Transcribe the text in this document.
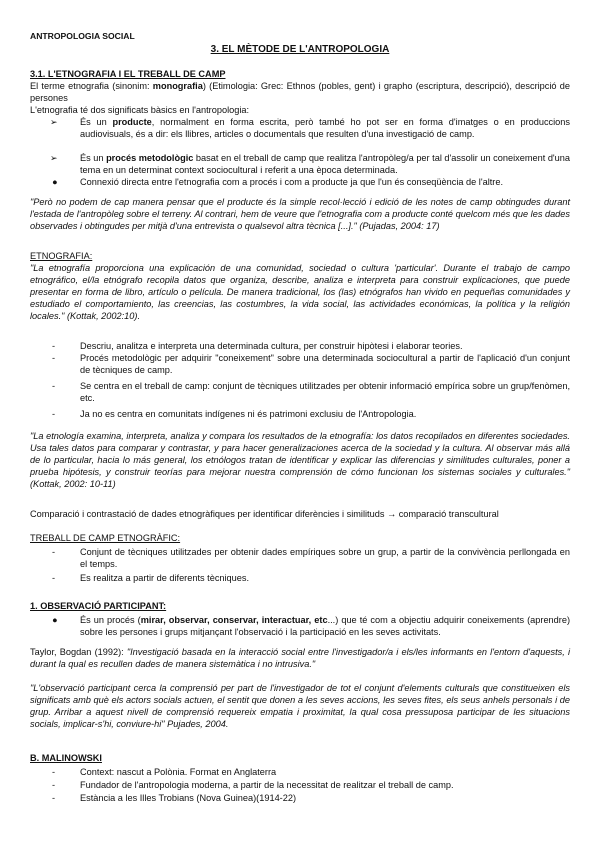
ANTROPOLOGIA SOCIAL
3. EL MÈTODE DE L'ANTROPOLOGIA
3.1. L'ETNOGRAFIA I EL TREBALL DE CAMP
El terme etnografia (sinonim: monografia) (Etimologia: Grec: Ethnos (pobles, gent) i grapho (escriptura, descripció), descripció de persones
L'etnografia té dos significats bàsics en l'antropologia:
➢ És un producte, normalment en forma escrita, però també ho pot ser en forma d'imatges o en produccions audiovisuals, és a dir: els llibres, articles o documentals que resulten d'una investigació de camp.
➢ És un procés metodològic basat en el treball de camp que realitza l'antropòleg/a per tal d'assolir un coneixement d'una tema en un determinat context sociocultural i referit a una època determinada.
● Connexió directa entre l'etnografia com a procés i com a producte ja que l'un és conseqüència de l'altre.
"Però no podem de cap manera pensar que el producte és la simple recol·lecció i edició de les notes de camp obtingudes durant l'estada de l'antropòleg sobre el terreny. Al contrari, hem de veure que l'etnografia com a producte conté quelcom més que les dades observades i obtingudes per mitjà d'una entrevista o qualsevol altra tècnica [...]." (Pujadas, 2004: 17)
ETNOGRAFIA:
"La etnografía proporciona una explicación de una comunidad, sociedad o cultura 'particular'. Durante el trabajo de campo etnográfico, el/la etnógrafo recopila datos que organiza, describe, analiza e interpreta para construir explicaciones, que puede presentar en forma de libro, artículo o película. De manera tradicional, los (las) etnógrafos han vivido en pequeñas comunidades y estudiado el comportamiento, las creencias, las costumbres, la vida social, las actividades económicas, la política y la religión locales." (Kottak, 2002:10).
-	Descriu, analitza e interpreta una determinada cultura, per construir hipòtesi i elaborar teories.
-	Procés metodològic per adquirir "coneixement" sobre una determinada sociocultural a partir de l'aplicació d'un conjunt de tècniques de camp.
-	Se centra en el treball de camp: conjunt de tècniques utilitzades per obtenir informació empírica sobre un grup/fenòmen, etc.
-	Ja no es centra en comunitats indígenes ni és patrimoni exclusiu de l'Antropologia.
"La etnología examina, interpreta, analiza y compara los resultados de la etnografía: los datos recopilados en diferentes sociedades. Usa tales datos para comparar y contrastar, y para hacer generalizaciones acerca de la sociedad y la cultura. Al observar más allá de lo particular, hacia lo más general, los etnólogos tratan de identificar y explicar las diferencias y similitudes culturales, poner a prueba hipótesis, y construir teorías para mejorar nuestra comprensión de cómo funcionan los sistemas sociales y culturales." (Kottak, 2002: 10-11)
Comparació i contrastació de dades etnogràfiques per identificar diferències i similituds → comparació transcultural
TREBALL DE CAMP ETNOGRÀFIC:
-	Conjunt de tècniques utilitzades per obtenir dades empíriques sobre un grup, a partir de la convivència perllongada en el temps.
-	Es realitza a partir de diferents tècniques.
1. OBSERVACIÓ PARTICIPANT:
● És un procés (mirar, observar, conservar, interactuar, etc...) que té com a objectiu adquirir coneixements (aprendre) sobre les persones i grups mitjançant l'observació i la participació en les seves activitats.
Taylor, Bogdan (1992): "Investigació basada en la interacció social entre l'investigador/a i els/les informants en l'entorn d'aquests, i durant la qual es recullen dades de manera sistemàtica i no intrusiva."
"L'observació participant cerca la comprensió per part de l'investigador de tot el conjunt d'elements culturals que constitueixen els significats amb què els actors socials actuen, el sentit que donen a les seves accions, les seves fites, els seus anhels personals i de grup. Arribar a aquest nivell de comprensió requereix empatia i proximitat, la qual cosa pressuposa participar de les situacions socials, implicar-s'hi, conviure-hi" Pujades, 2004.
B. MALINOWSKI
-	Context: nascut a Polònia. Format en Anglaterra
-	Fundador de l'antropologia moderna, a partir de la necessitat de realitzar el treball de camp.
-	Estància a les Illes Trobians (Nova Guinea)(1914-22)
